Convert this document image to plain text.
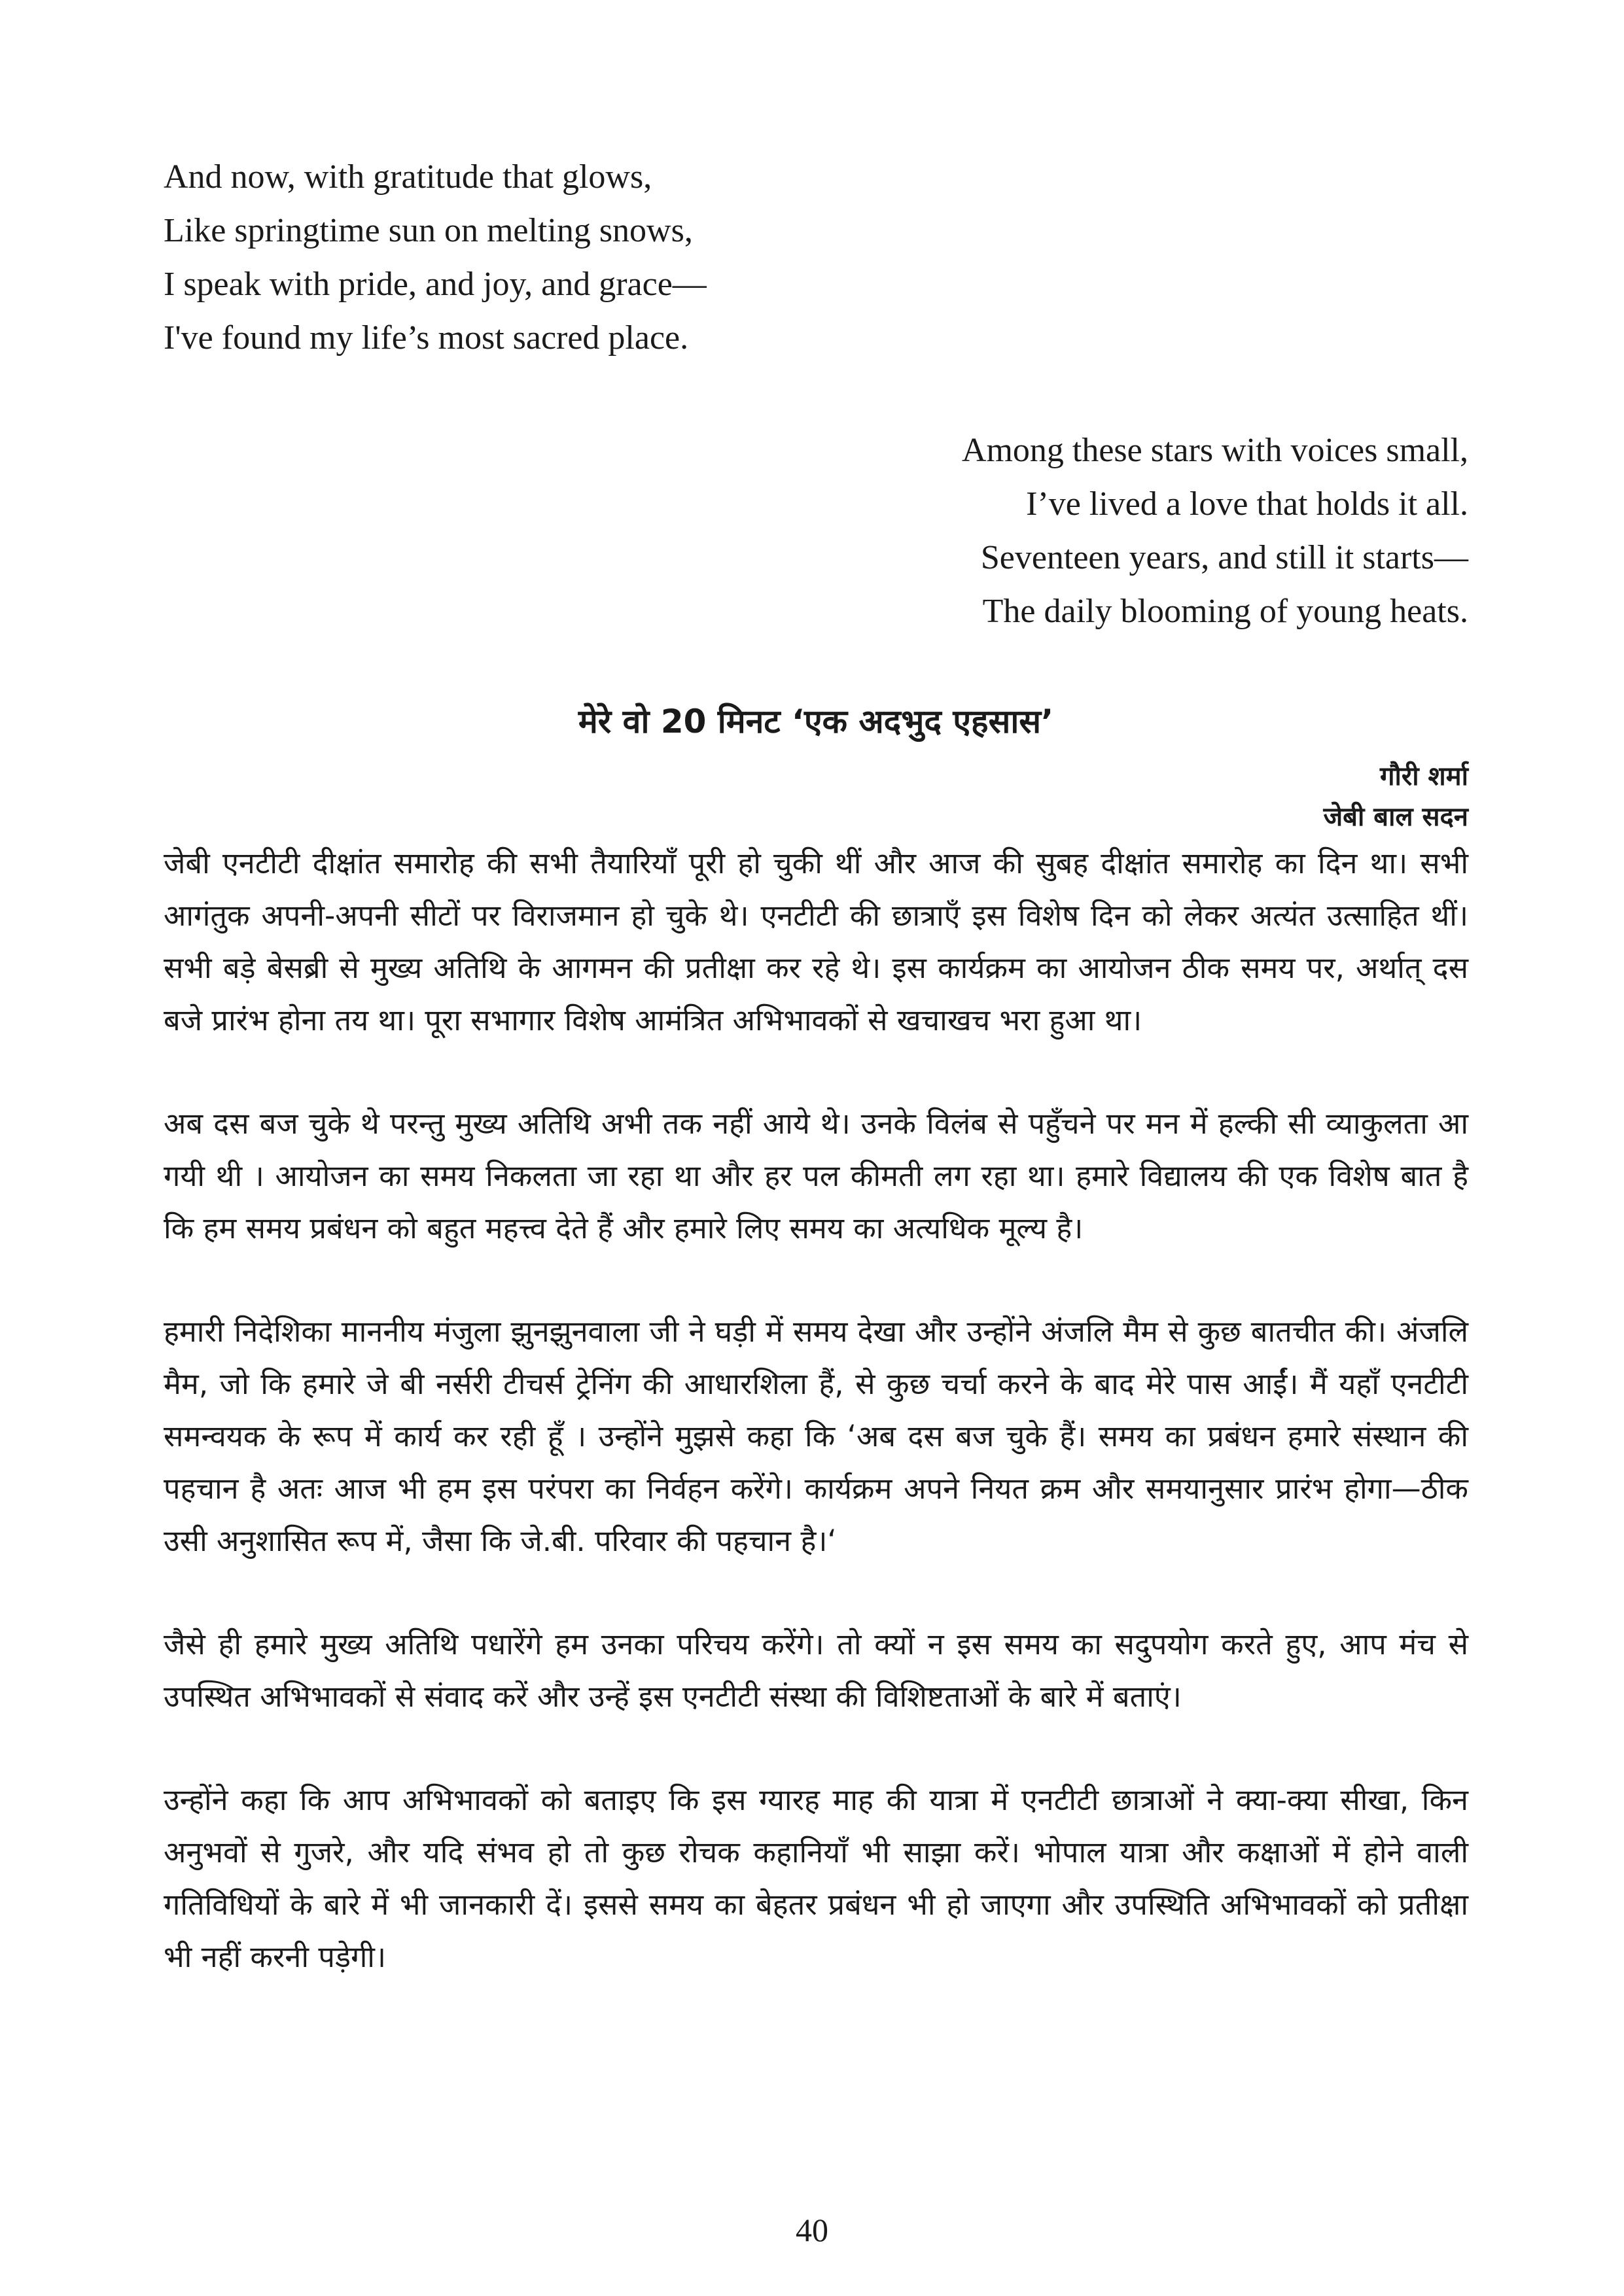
And now, with gratitude that glows,
Like springtime sun on melting snows,
I speak with pride, and joy, and grace—
I've found my life’s most sacred place.
Among these stars with voices small,
I’ve lived a love that holds it all.
Seventeen years, and still it starts—
The daily blooming of young heats.
मेरे वो 20 मिनट ‘एक अदभुद एहसास’
गौरी शर्मा
जेबी बाल सदन

जेबी एनटीटी दीक्षांत समारोह की सभी तैयारियाँ पूरी हो चुकी थीं और आज की सुबह दीक्षांत समारोह का दिन था। सभी आगंतुक अपनी-अपनी सीटों पर विराजमान हो चुके थे। एनटीटी की छात्राएँ इस विशेष दिन को लेकर अत्यंत उत्साहित थीं। सभी बड़े बेसब्री से मुख्य अतिथि के आगमन की प्रतीक्षा कर रहे थे। इस कार्यक्रम का आयोजन ठीक समय पर, अर्थात् दस बजे प्रारंभ होना तय था। पूरा सभागार विशेष आमंत्रित अभिभावकों से खचाखच भरा हुआ था।

अब दस बज चुके थे परन्तु मुख्य अतिथि अभी तक नहीं आये थे। उनके विलंब से पहुँचने पर मन में हल्की सी व्याकुलता आ गयी थी । आयोजन का समय निकलता जा रहा था और हर पल कीमती लग रहा था। हमारे विद्यालय की एक विशेष बात है कि हम समय प्रबंधन को बहुत महत्त्व देते हैं और हमारे लिए समय का अत्यधिक मूल्य है।

हमारी निदेशिका माननीय मंजुला झुनझुनवाला जी ने घड़ी में समय देखा और उन्होंने अंजलि मैम से कुछ बातचीत की। अंजलि मैम, जो कि हमारे जे बी नर्सरी टीचर्स ट्रेनिंग की आधारशिला हैं, से कुछ चर्चा करने के बाद मेरे पास आईं। मैं यहाँ एनटीटी समन्वयक के रूप में कार्य कर रही हूँ । उन्होंने मुझसे कहा कि ‘अब दस बज चुके हैं। समय का प्रबंधन हमारे संस्थान की पहचान है अतः आज भी हम इस परंपरा का निर्वहन करेंगे। कार्यक्रम अपने नियत क्रम और समयानुसार प्रारंभ होगा—ठीक उसी अनुशासित रूप में, जैसा कि जे.बी. परिवार की पहचान है।‘

जैसे ही हमारे मुख्य अतिथि पधारेंगे हम उनका परिचय करेंगे। तो क्यों न इस समय का सदुपयोग करते हुए, आप मंच से उपस्थित अभिभावकों से संवाद करें और उन्हें इस एनटीटी संस्था की विशिष्टताओं के बारे में बताएं।

उन्होंने कहा कि आप अभिभावकों को बताइए कि इस ग्यारह माह की यात्रा में एनटीटी छात्राओं ने क्या-क्या सीखा, किन अनुभवों से गुजरे, और यदि संभव हो तो कुछ रोचक कहानियाँ भी साझा करें। भोपाल यात्रा और कक्षाओं में होने वाली गतिविधियों के बारे में भी जानकारी दें। इससे समय का बेहतर प्रबंधन भी हो जाएगा और उपस्थिति अभिभावकों को प्रतीक्षा भी नहीं करनी पड़ेगी।

40
